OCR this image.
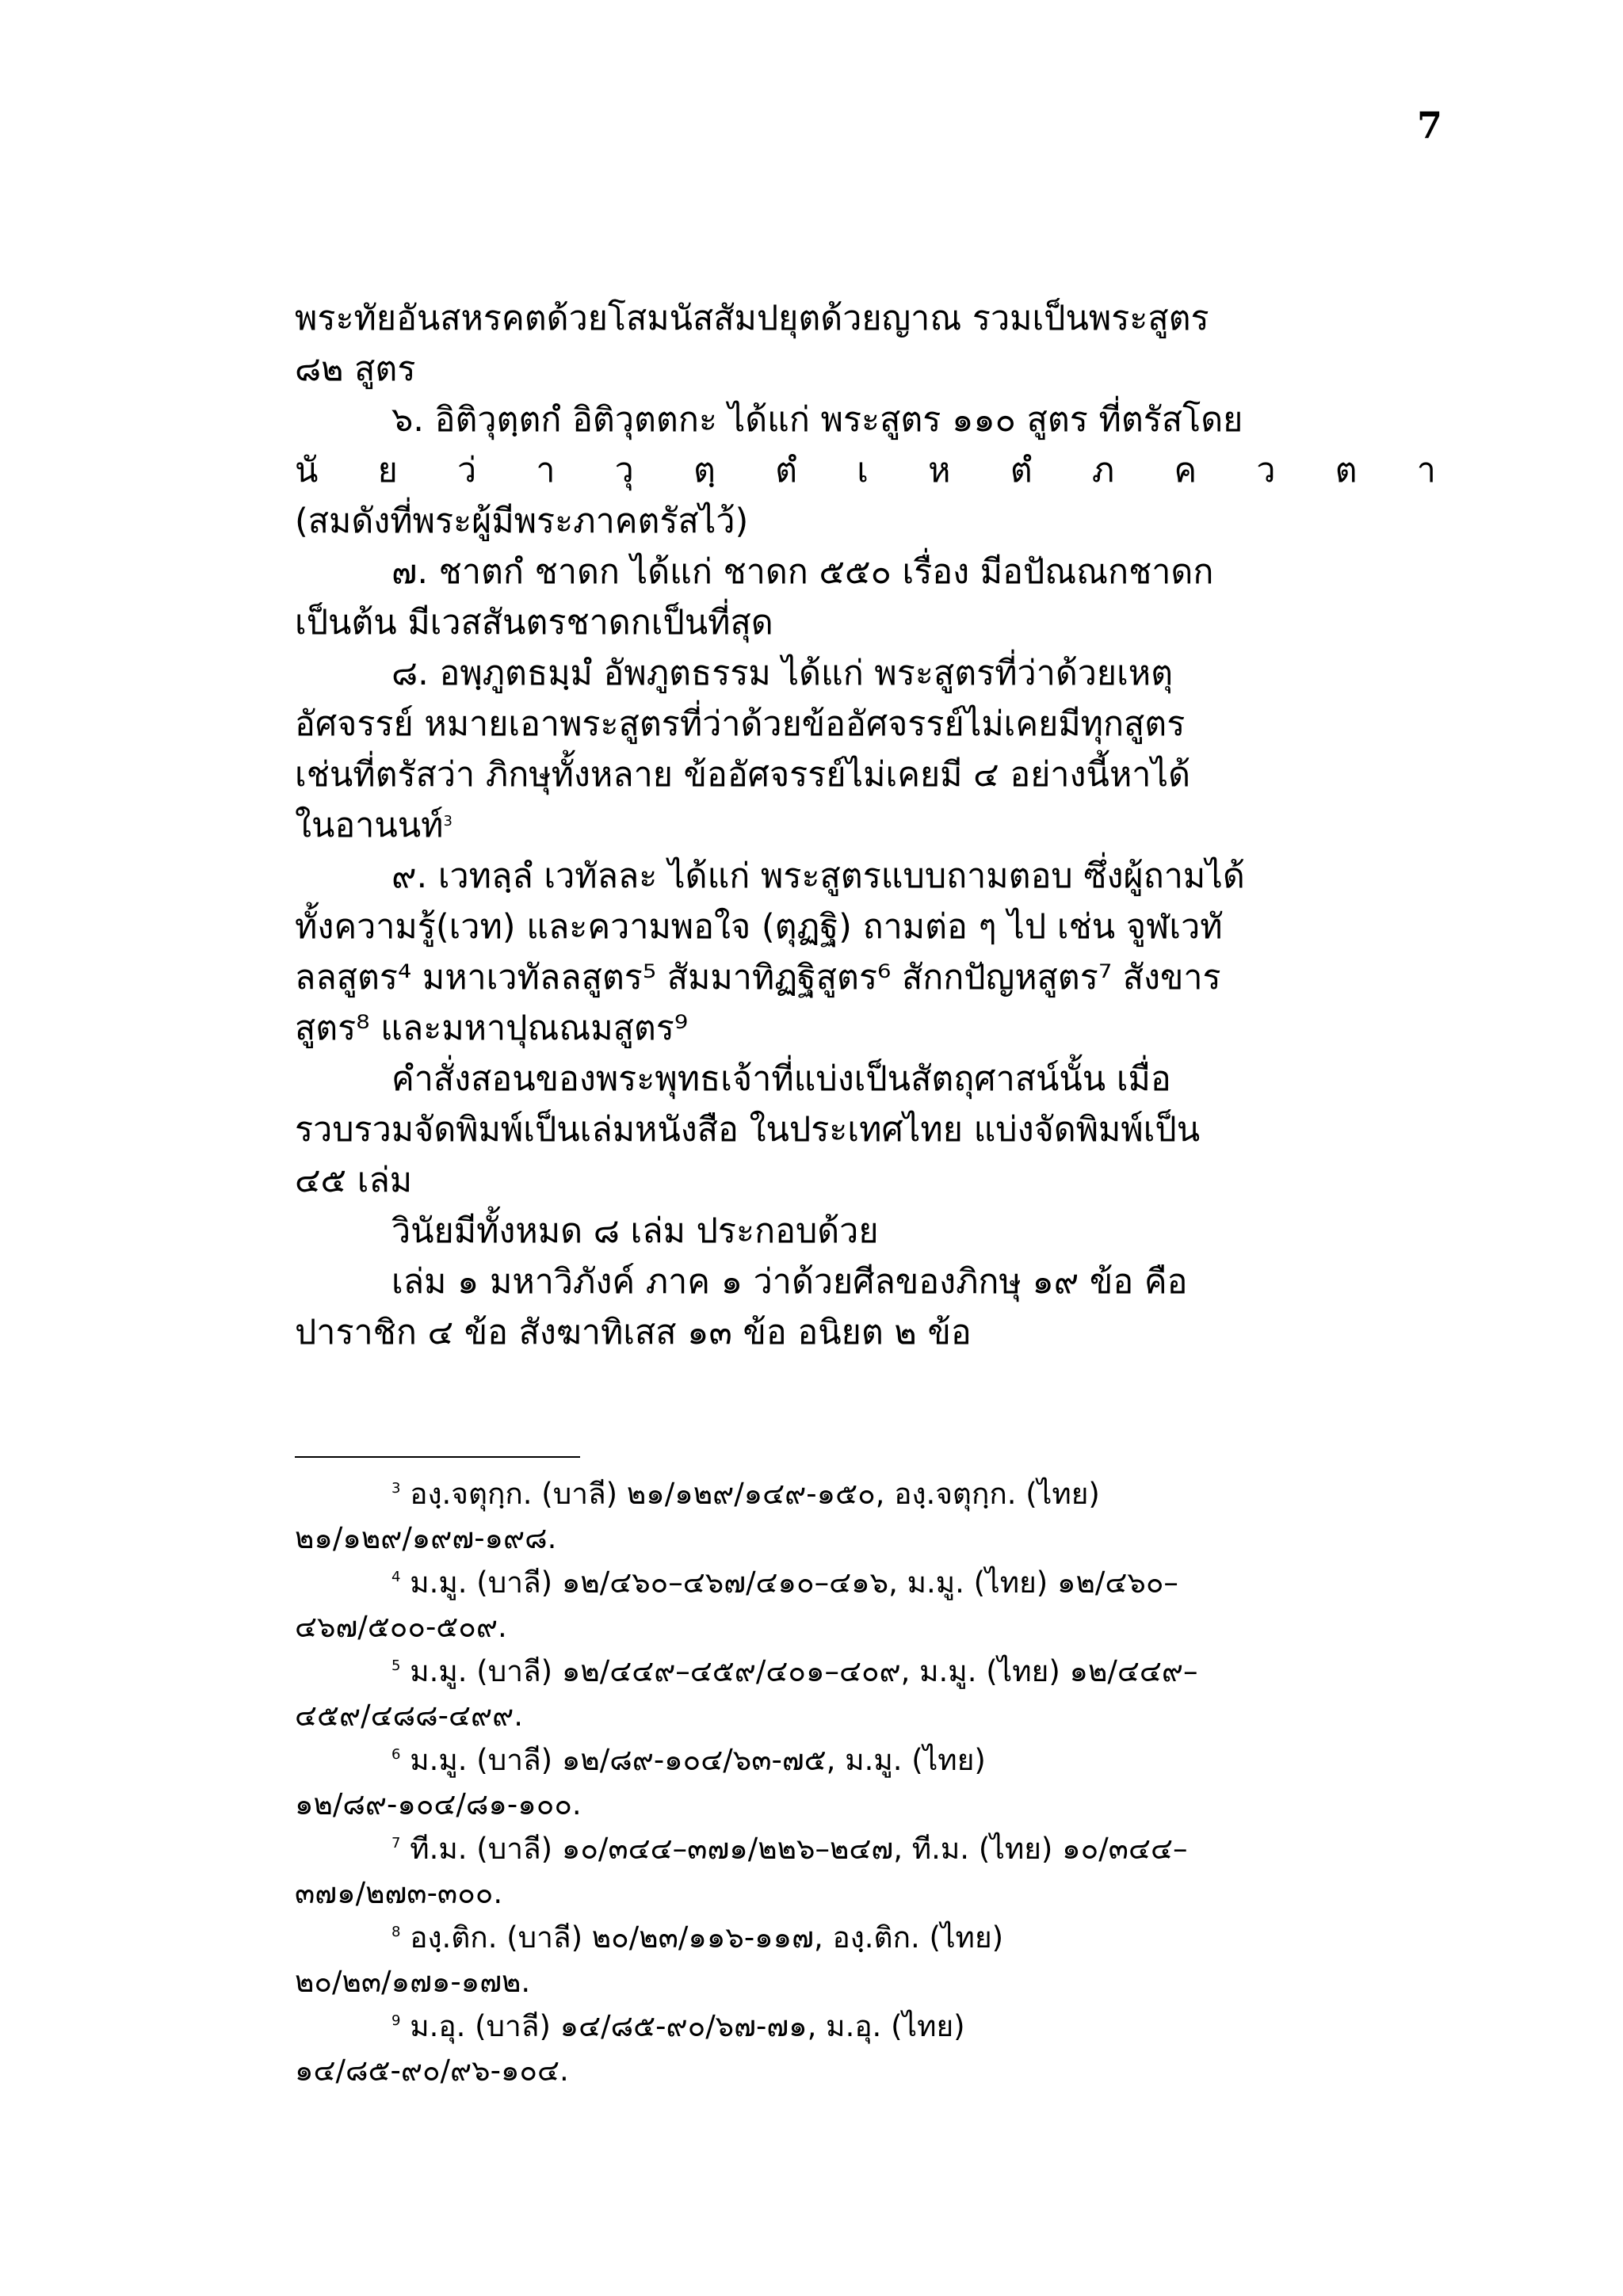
7

พระทัยอันสหรคตด้วยโสมนัสสัมปยุตด้วยญาณ รวมเป็นพระสูตร

๘๒ สูตร

๖. อิติวุตฺตกํ อิติวุตตกะ ได้แก่ พระสูตร ๑๑๐ สูตร ที่ตรัสโดย

นั ย ว่ า วุ ตฺ ตํ เ ห ตํ ภ ค ว ต า

(สมดังที่พระผู้มีพระภาคตรัสไว้)

๗. ชาตกํ ชาดก ได้แก่ ชาดก ๕๕๐ เรื่อง มีอปัณณกชาดก

เป็นต้น มีเวสสันตรชาดกเป็นที่สุด

๘. อพฺภูตธมฺมํ อัพภูตธรรม ได้แก่ พระสูตรที่ว่าด้วยเหตุ

อัศจรรย์ หมายเอาพระสูตรที่ว่าด้วยข้ออัศจรรย์ไม่เคยมีทุกสูตร

เช่นที่ตรัสว่า ภิกษุทั้งหลาย ข้ออัศจรรย์ไม่เคยมี ๔ อย่างนี้หาได้

ในอานนท์$^3$

๙. เวทลฺลํ เวทัลละ ได้แก่ พระสูตรแบบถามตอบ ซึ่งผู้ถามได้

ทั้งความรู้(เวท) และความพอใจ (ตุฏฐิ) ถามต่อ ๆ ไป เช่น จูฬเวทั

ลลสูตร⁴ มหาเวทัลลสูตร⁵ สัมมาทิฏฐิสูตร⁶ สักกปัญหสูตร⁷ สังขาร

สูตร⁸ และมหาปุณณมสูตร⁹

คำสั่งสอนของพระพุทธเจ้าที่แบ่งเป็นสัตถุศาสน์นั้น เมื่อ

รวบรวมจัดพิมพ์เป็นเล่มหนังสือ ในประเทศไทย แบ่งจัดพิมพ์เป็น

๔๕ เล่ม

วินัยมีทั้งหมด ๘ เล่ม ประกอบด้วย

เล่ม ๑ มหาวิภังค์ ภาค ๑ ว่าด้วยศีลของภิกษุ ๑๙ ข้อ คือ

ปาราชิก ๔ ข้อ สังฆาทิเสส ๑๓ ข้อ อนิยต ๒ ข้อ

$^3$ องฺ.จตุกฺก. (บาลี) ๒๑/๑๒๙/๑๔๙-๑๕๐, องฺ.จตุกฺก. (ไทย)

๒๑/๑๒๙/๑๙๗-๑๙๘.

$^4$ ม.มู. (บาลี) ๑๒/๔๖๐–๔๖๗/๔๑๐–๔๑๖, ม.มู. (ไทย) ๑๒/๔๖๐–

๔๖๗/๕๐๐-๕๐๙.

$^5$ ม.มู. (บาลี) ๑๒/๔๔๙–๔๕๙/๔๐๑–๔๐๙, ม.มู. (ไทย) ๑๒/๔๔๙–

๔๕๙/๔๘๘-๔๙๙.

$^6$ ม.มู. (บาลี) ๑๒/๘๙-๑๐๔/๖๓-๗๕, ม.มู. (ไทย)

๑๒/๘๙-๑๐๔/๘๑-๑๐๐.

$^7$ ที.ม. (บาลี) ๑๐/๓๔๔–๓๗๑/๒๒๖–๒๔๗, ที.ม. (ไทย) ๑๐/๓๔๔–

๓๗๑/๒๗๓-๓๐๐.

$^8$ องฺ.ติก. (บาลี) ๒๐/๒๓/๑๑๖-๑๑๗, องฺ.ติก. (ไทย)

๒๐/๒๓/๑๗๑-๑๗๒.

$^9$ ม.อุ. (บาลี) ๑๔/๘๕-๙๐/๖๗-๗๑, ม.อุ. (ไทย)

๑๔/๘๕-๙๐/๙๖-๑๐๔.
